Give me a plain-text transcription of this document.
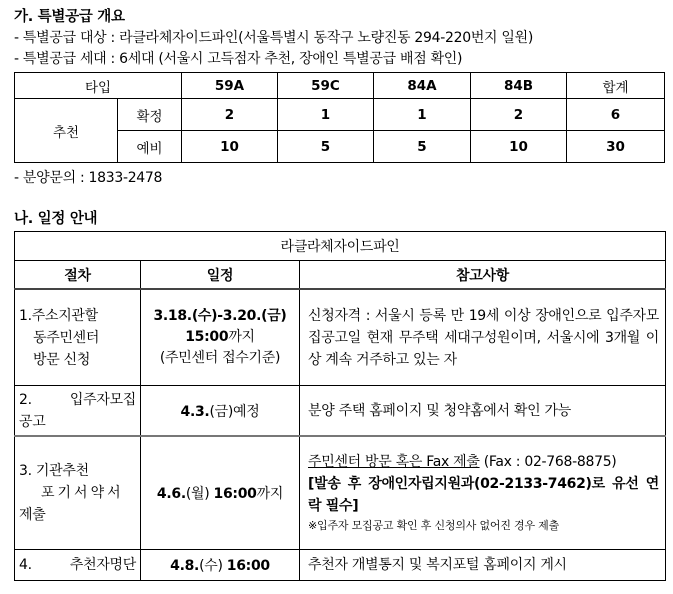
가. 특별공급 개요
- 특별공급 대상 : 라클라체자이드파인(서울특별시 동작구 노량진동 294-220번지 일원)
- 특별공급 세대 : 6세대 (서울시 고득점자 추천, 장애인 특별공급 배점 확인)
타입		59A	59C	84A	84B	합계
추천	확정	2	1	1	2	6
	예비	10	5	5	10	30
- 분양문의 : 1833-2478
나. 일정 안내
라클라체자이드파인		
절차	일정	참고사항

1.주소지관할
동주민센터
방문 신청	3.18.(수)-3.20.(금)
15:00까지
(주민센터 접수기준)	신청자격 : 서울시 등록 만 19세 이상 장애인으로 입주자모집공고일 현재 무주택 세대구성원이며, 서울시에 3개월 이상 계속 거주하고 있는 자

2.  입주자모집
공고	4.3.(금)예정	분양 주택 홈페이지 및 청약홈에서 확인 가능

3. 기관추천
포기서약서
제출	4.6.(월) 16:00까지	주민센터 방문 혹은 Fax 제출 (Fax : 02-768-8875)
[발송 후 장애인자립지원과(02-2133-7462)로 유선 연락 필수]
※입주자 모집공고 확인 후 신청의사 없어진 경우 제출

4.  추천자명단	4.8.(수) 16:00	추천자 개별통지 및 복지포털 홈페이지 게시
